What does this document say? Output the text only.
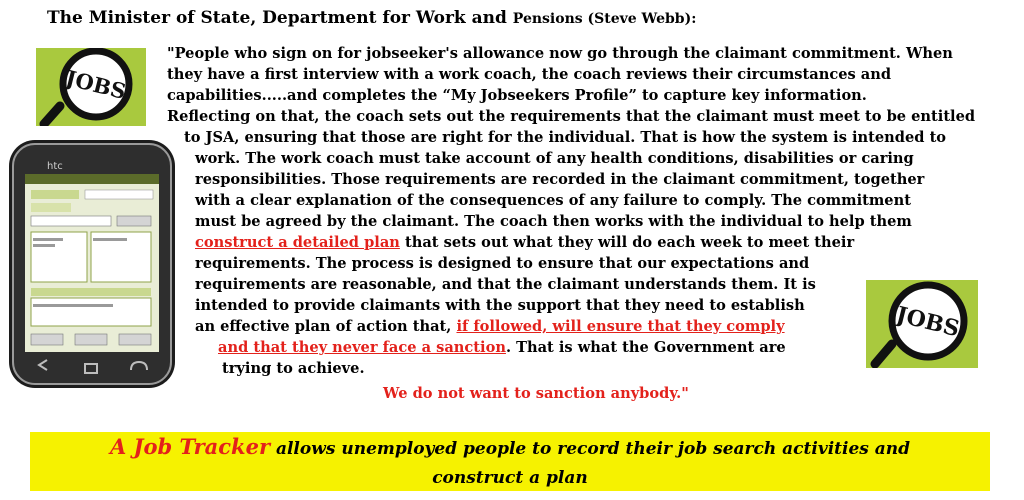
The Minister of State, Department for Work and Pensions (Steve Webb):
JOBS
htc
"People who sign on for jobseeker's allowance now go through the claimant commitment. When
they have a first interview with a work coach, the coach reviews their circumstances and
capabilities.....and completes the “My Jobseekers Profile” to capture key information.
Reflecting on that, the coach sets out the requirements that the claimant must meet to be entitled
to JSA, ensuring that those are right for the individual. That is how the system is intended to
work. The work coach must take account of any health conditions, disabilities or caring
responsibilities. Those requirements are recorded in the claimant commitment, together
with a clear explanation of the consequences of any failure to comply. The commitment
must be agreed by the claimant. The coach then works with the individual to help them
construct a detailed plan that sets out what they will do each week to meet their
requirements. The process is designed to ensure that our expectations and
requirements are reasonable, and that the claimant understands them. It is
intended to provide claimants with the support that they need to establish
an effective plan of action that, if followed, will ensure that they comply
and that they never face a sanction. That is what the Government are
trying to achieve.
We do not want to sanction anybody."
JOBS
A Job Tracker allows unemployed people to record their job search activities and
construct a plan
